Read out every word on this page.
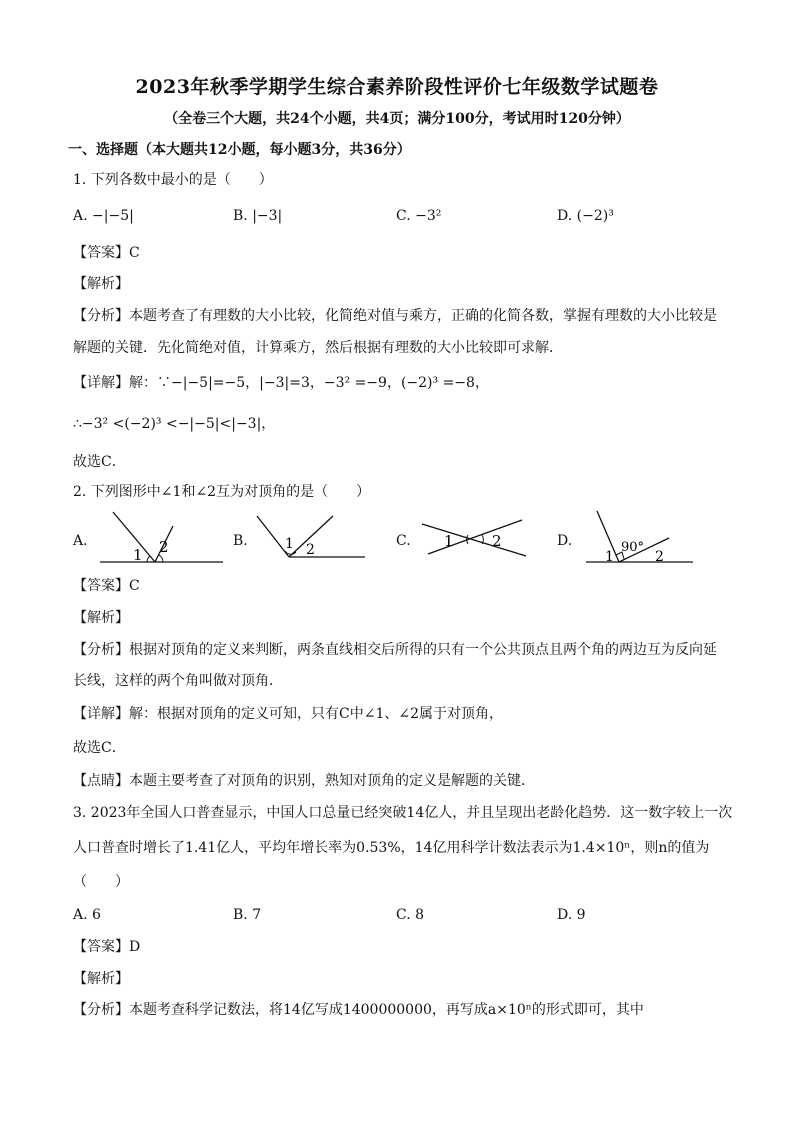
2023年秋季学期学生综合素养阶段性评价七年级数学试题卷
（全卷三个大题，共24个小题，共4页；满分100分，考试用时120分钟）
一、选择题（本大题共12小题，每小题3分，共36分）
1. 下列各数中最小的是（　　）
A. −|−5|	B. |−3|	C. −3²	D. (−2)³
【答案】C
【解析】
【分析】本题考查了有理数的大小比较，化简绝对值与乘方，正确的化简各数，掌握有理数的大小比较是
解题的关键．先化简绝对值，计算乘方，然后根据有理数的大小比较即可求解．
【详解】解：∵−|−5|=−5，|−3|=3，−3² =−9，(−2)³ =−8，
∴−3² <(−2)³ <−|−5|<|−3|，
故选C．
2. 下列图形中∠1和∠2互为对顶角的是（　　）
A.	B.	C.	D.
1 2	1 2	1	2
1
90°
2
【答案】C
【解析】
【分析】根据对顶角的定义来判断，两条直线相交后所得的只有一个公共顶点且两个角的两边互为反向延
长线，这样的两个角叫做对顶角．
【详解】解：根据对顶角的定义可知，只有C中∠1、∠2属于对顶角，
故选C．
【点睛】本题主要考查了对顶角的识别，熟知对顶角的定义是解题的关键．
3. 2023年全国人口普查显示，中国人口总量已经突破14亿人，并且呈现出老龄化趋势．这一数字较上一次
人口普查时增长了1.41亿人，平均年增长率为0.53%，14亿用科学计数法表示为1.4×10ⁿ，则n的值为
（　　）
A. 6	B. 7	C. 8	D. 9
【答案】D
【解析】
【分析】本题考查科学记数法，将14亿写成1400000000，再写成a×10ⁿ的形式即可，其中
